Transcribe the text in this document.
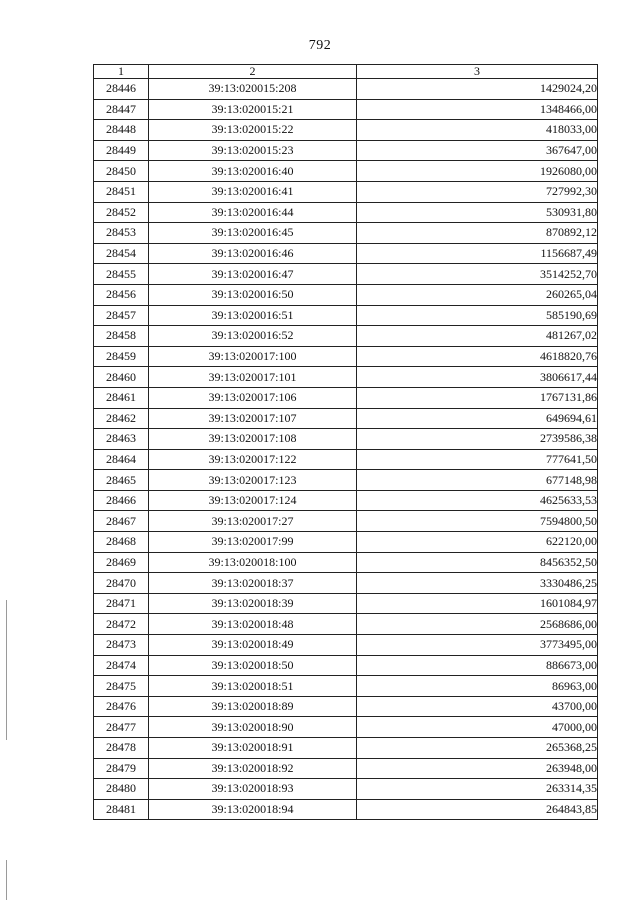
792
1	2	3
28446	39:13:020015:208	1429024,20
28447	39:13:020015:21	1348466,00
28448	39:13:020015:22	418033,00
28449	39:13:020015:23	367647,00
28450	39:13:020016:40	1926080,00
28451	39:13:020016:41	727992,30
28452	39:13:020016:44	530931,80
28453	39:13:020016:45	870892,12
28454	39:13:020016:46	1156687,49
28455	39:13:020016:47	3514252,70
28456	39:13:020016:50	260265,04
28457	39:13:020016:51	585190,69
28458	39:13:020016:52	481267,02
28459	39:13:020017:100	4618820,76
28460	39:13:020017:101	3806617,44
28461	39:13:020017:106	1767131,86
28462	39:13:020017:107	649694,61
28463	39:13:020017:108	2739586,38
28464	39:13:020017:122	777641,50
28465	39:13:020017:123	677148,98
28466	39:13:020017:124	4625633,53
28467	39:13:020017:27	7594800,50
28468	39:13:020017:99	622120,00
28469	39:13:020018:100	8456352,50
28470	39:13:020018:37	3330486,25
28471	39:13:020018:39	1601084,97
28472	39:13:020018:48	2568686,00
28473	39:13:020018:49	3773495,00
28474	39:13:020018:50	886673,00
28475	39:13:020018:51	86963,00
28476	39:13:020018:89	43700,00
28477	39:13:020018:90	47000,00
28478	39:13:020018:91	265368,25
28479	39:13:020018:92	263948,00
28480	39:13:020018:93	263314,35
28481	39:13:020018:94	264843,85
